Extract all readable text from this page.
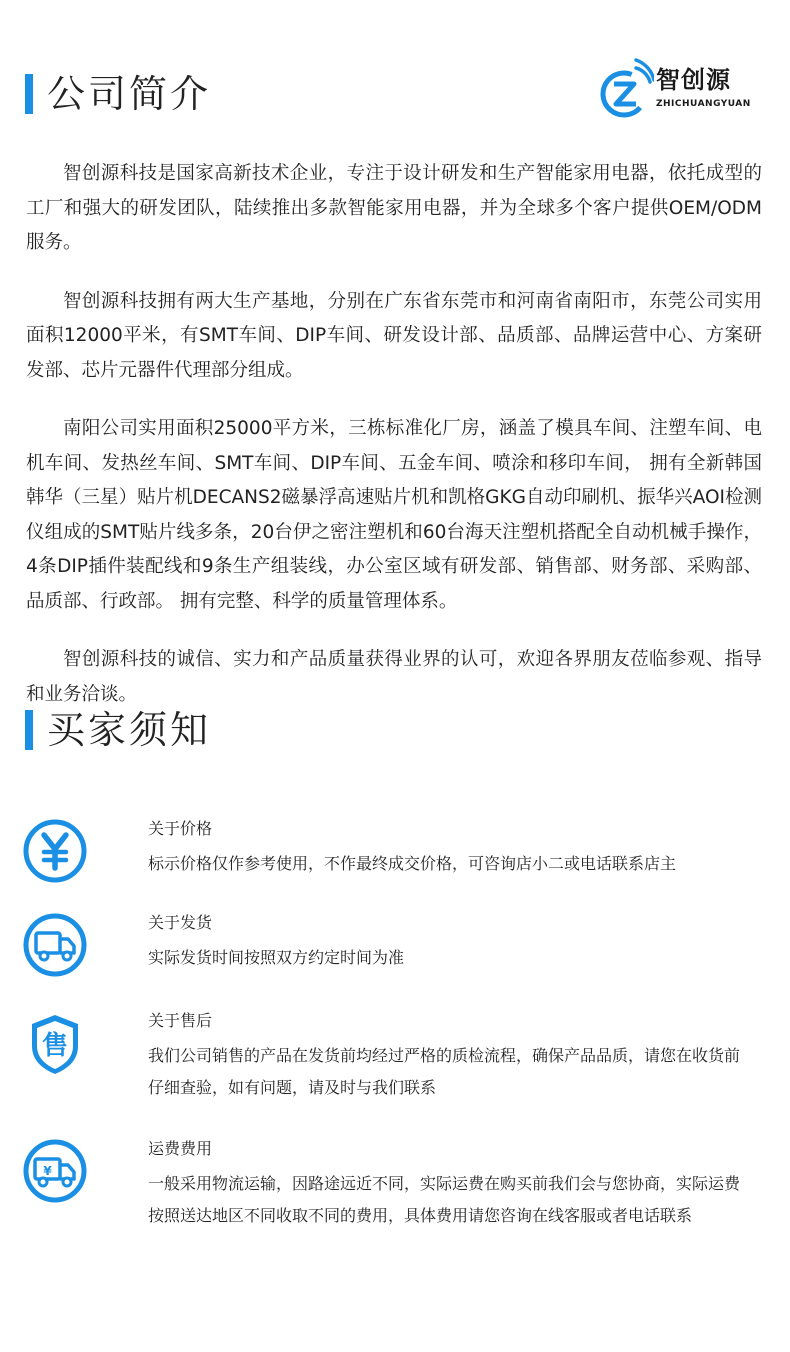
公司简介	智创源
ZHICHUANGYUAN

智创源科技是国家高新技术企业，专注于设计研发和生产智能家用电器，依托成型的工厂和强大的研发团队，陆续推出多款智能家用电器，并为全球多个客户提供OEM/ODM服务。

智创源科技拥有两大生产基地，分别在广东省东莞市和河南省南阳市，东莞公司实用面积12000平米，有SMT车间、DIP车间、研发设计部、品质部、品牌运营中心、方案研发部、芯片元器件代理部分组成。

南阳公司实用面积25000平方米，三栋标准化厂房，涵盖了模具车间、注塑车间、电机车间、发热丝车间、SMT车间、DIP车间、五金车间、喷涂和移印车间， 拥有全新韩国韩华（三星）贴片机DECANS2磁暴浮高速贴片机和凯格GKG自动印刷机、振华兴AOI检测仪组成的SMT贴片线多条，20台伊之密注塑机和60台海天注塑机搭配全自动机械手操作，4条DIP插件装配线和9条生产组装线，办公室区域有研发部、销售部、财务部、采购部、品质部、行政部。 拥有完整、科学的质量管理体系。

智创源科技的诚信、实力和产品质量获得业界的认可，欢迎各界朋友莅临参观、指导和业务洽谈。

买家须知
关于价格
标示价格仅作参考使用，不作最终成交价格，可咨询店小二或电话联系店主
关于发货
实际发货时间按照双方约定时间为准
售
关于售后
我们公司销售的产品在发货前均经过严格的质检流程，确保产品品质，请您在收货前仔细查验，如有问题，请及时与我们联系
¥
运费费用
一般采用物流运输，因路途远近不同，实际运费在购买前我们会与您协商，实际运费按照送达地区不同收取不同的费用，具体费用请您咨询在线客服或者电话联系
